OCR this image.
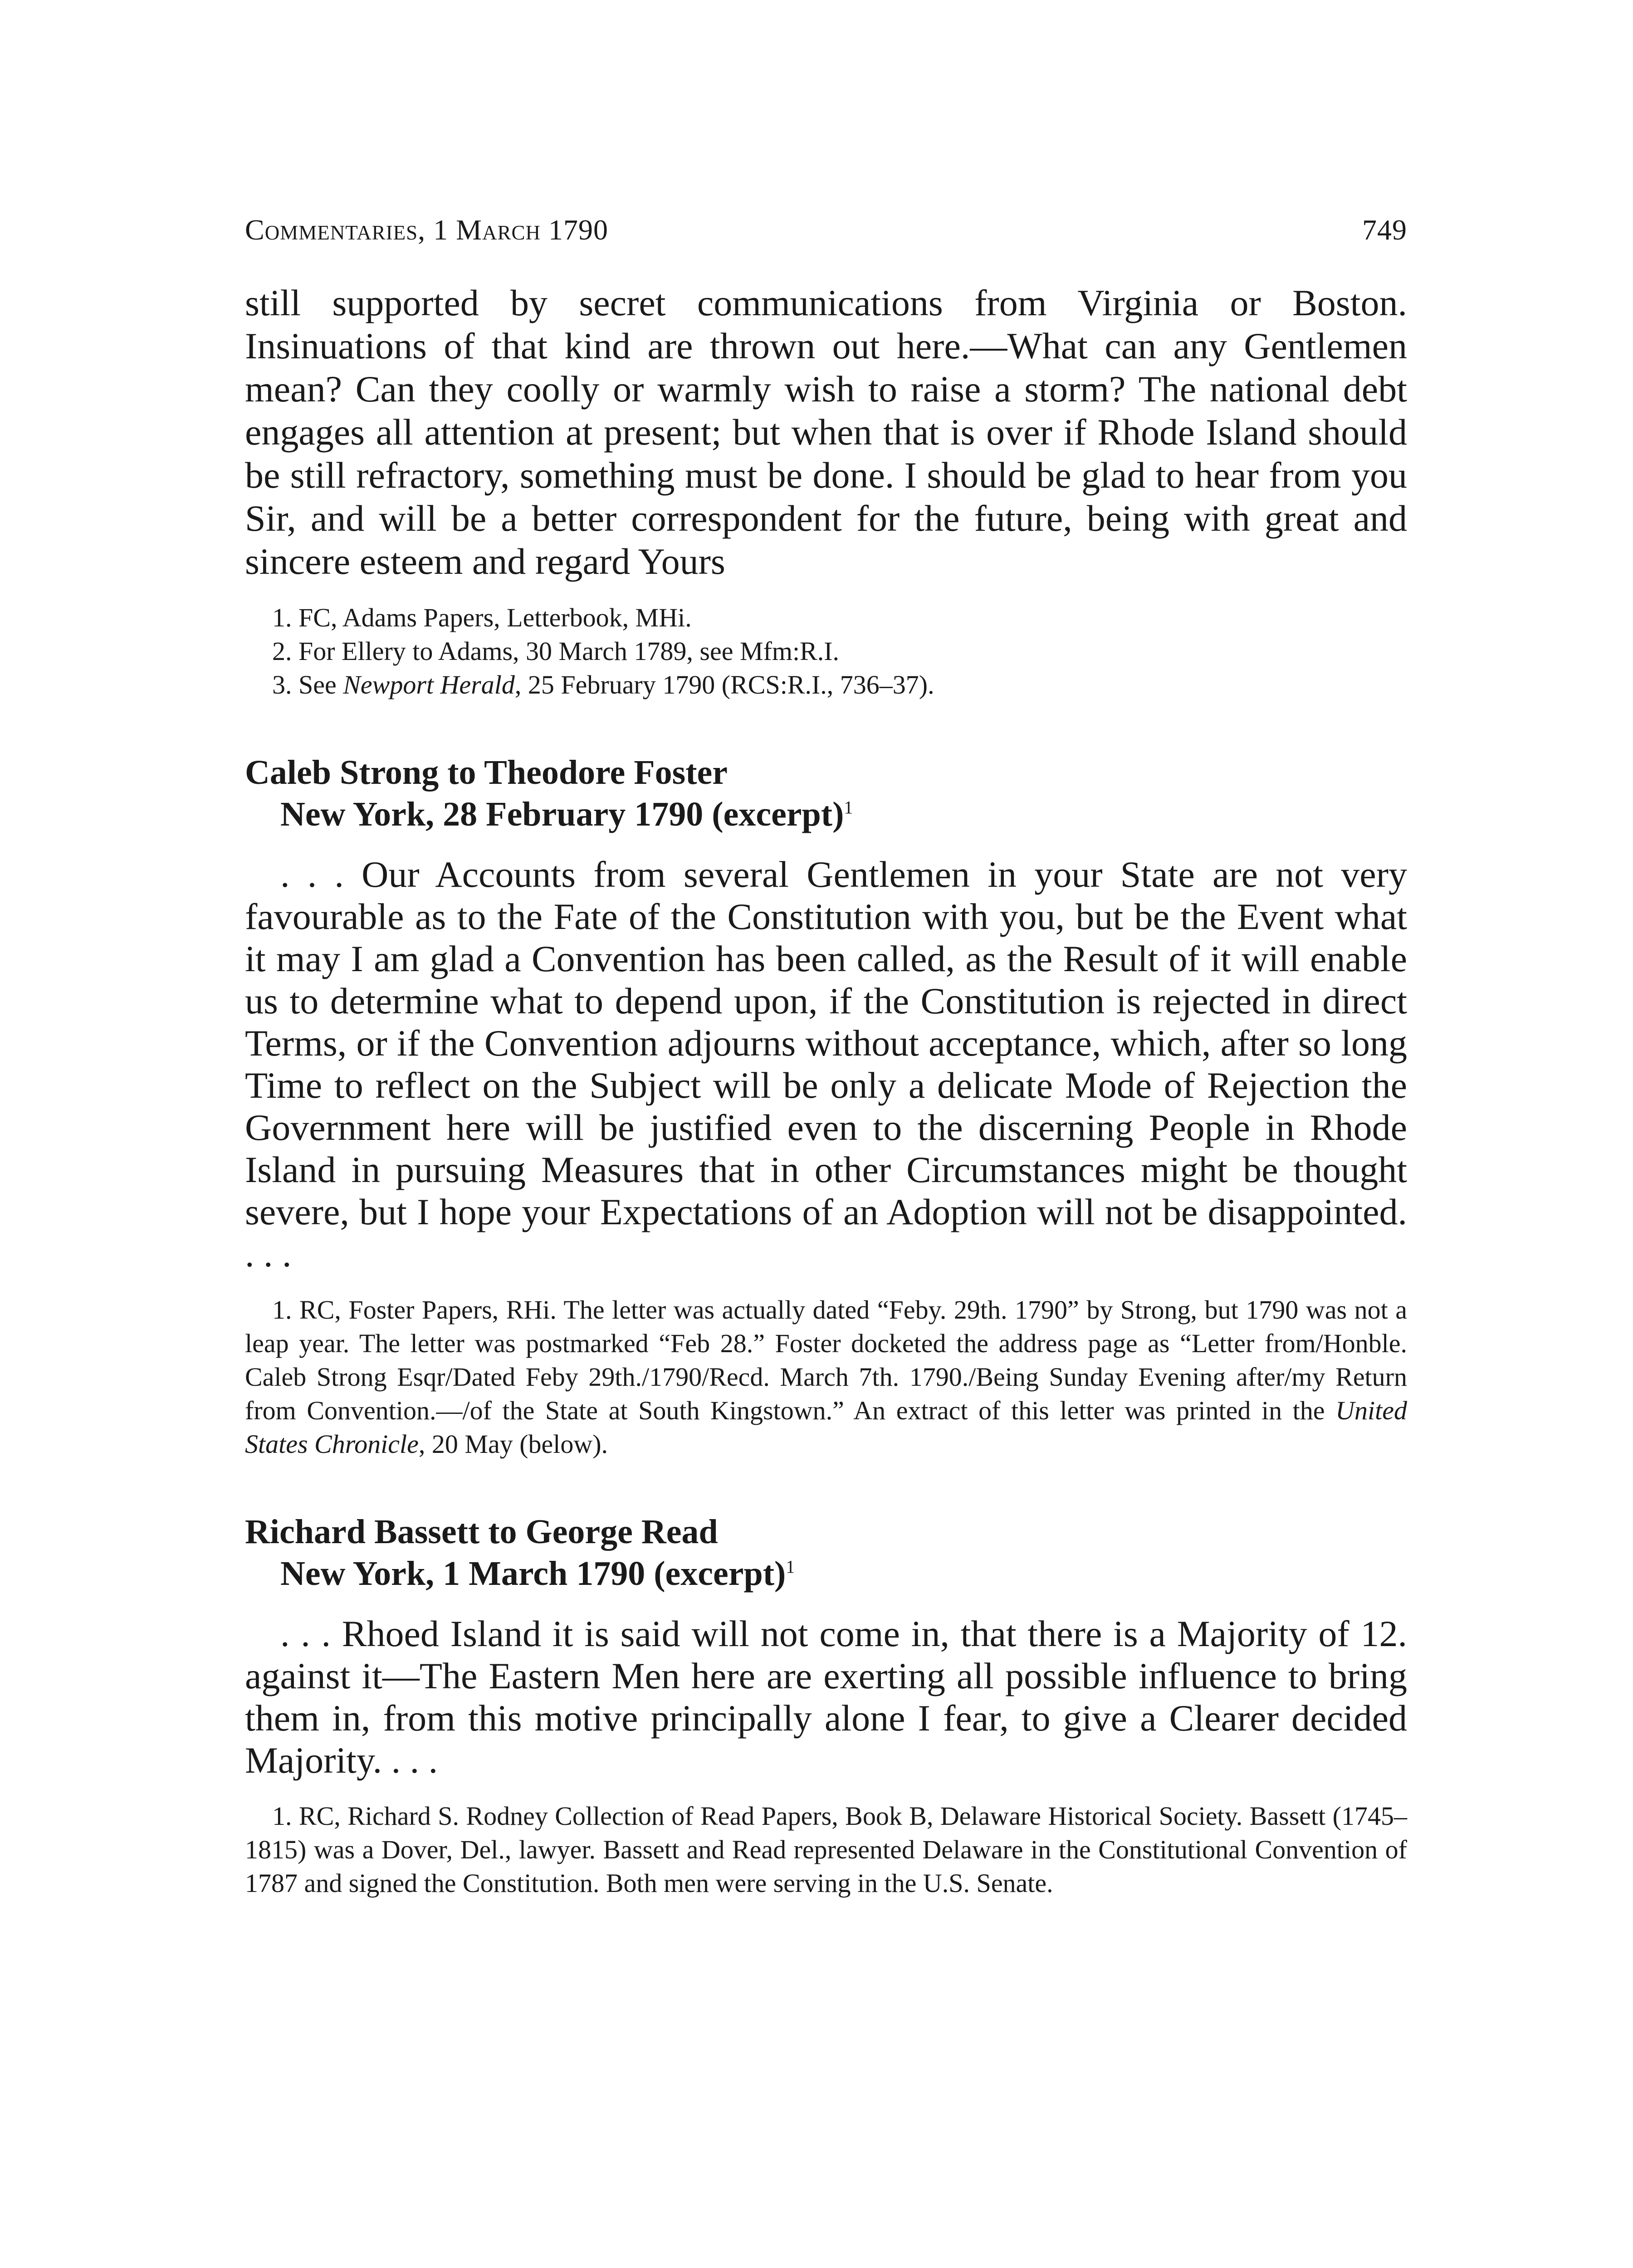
Commentaries, 1 March 1790	749

still supported by secret communications from Virginia or Boston. Insinuations of that kind are thrown out here.—What can any Gentlemen mean? Can they coolly or warmly wish to raise a storm? The national debt engages all attention at present; but when that is over if Rhode Island should be still refractory, something must be done. I should be glad to hear from you Sir, and will be a better correspondent for the future, being with great and sincere esteem and regard Yours

1. FC, Adams Papers, Letterbook, MHi.
2. For Ellery to Adams, 30 March 1789, see Mfm:R.I.
3. See Newport Herald, 25 February 1790 (RCS:R.I., 736–37).
Caleb Strong to Theodore Foster
New York, 28 February 1790 (excerpt)$^1$

. . . Our Accounts from several Gentlemen in your State are not very favourable as to the Fate of the Constitution with you, but be the Event what it may I am glad a Convention has been called, as the Result of it will enable us to determine what to depend upon, if the Constitution is rejected in direct Terms, or if the Convention adjourns without acceptance, which, after so long Time to reflect on the Subject will be only a delicate Mode of Rejection the Government here will be justified even to the discerning People in Rhode Island in pursuing Measures that in other Circumstances might be thought severe, but I hope your Expectations of an Adoption will not be disappointed. . . .

1. RC, Foster Papers, RHi. The letter was actually dated “Feby. 29th. 1790” by Strong, but 1790 was not a leap year. The letter was postmarked “Feb 28.” Foster docketed the address page as “Letter from/Honble. Caleb Strong Esqr/Dated Feby 29th./1790/Recd. March 7th. 1790./Being Sunday Evening after/my Return from Convention.—/of the State at South Kingstown.” An extract of this letter was printed in the United States Chronicle, 20 May (below).

Richard Bassett to George Read
New York, 1 March 1790 (excerpt)$^1$

. . . Rhoed Island it is said will not come in, that there is a Majority of 12. against it—The Eastern Men here are exerting all possible influence to bring them in, from this motive principally alone I fear, to give a Clearer decided Majority. . . .

1. RC, Richard S. Rodney Collection of Read Papers, Book B, Delaware Historical Society. Bassett (1745–1815) was a Dover, Del., lawyer. Bassett and Read represented Delaware in the Constitutional Convention of 1787 and signed the Constitution. Both men were serving in the U.S. Senate.
